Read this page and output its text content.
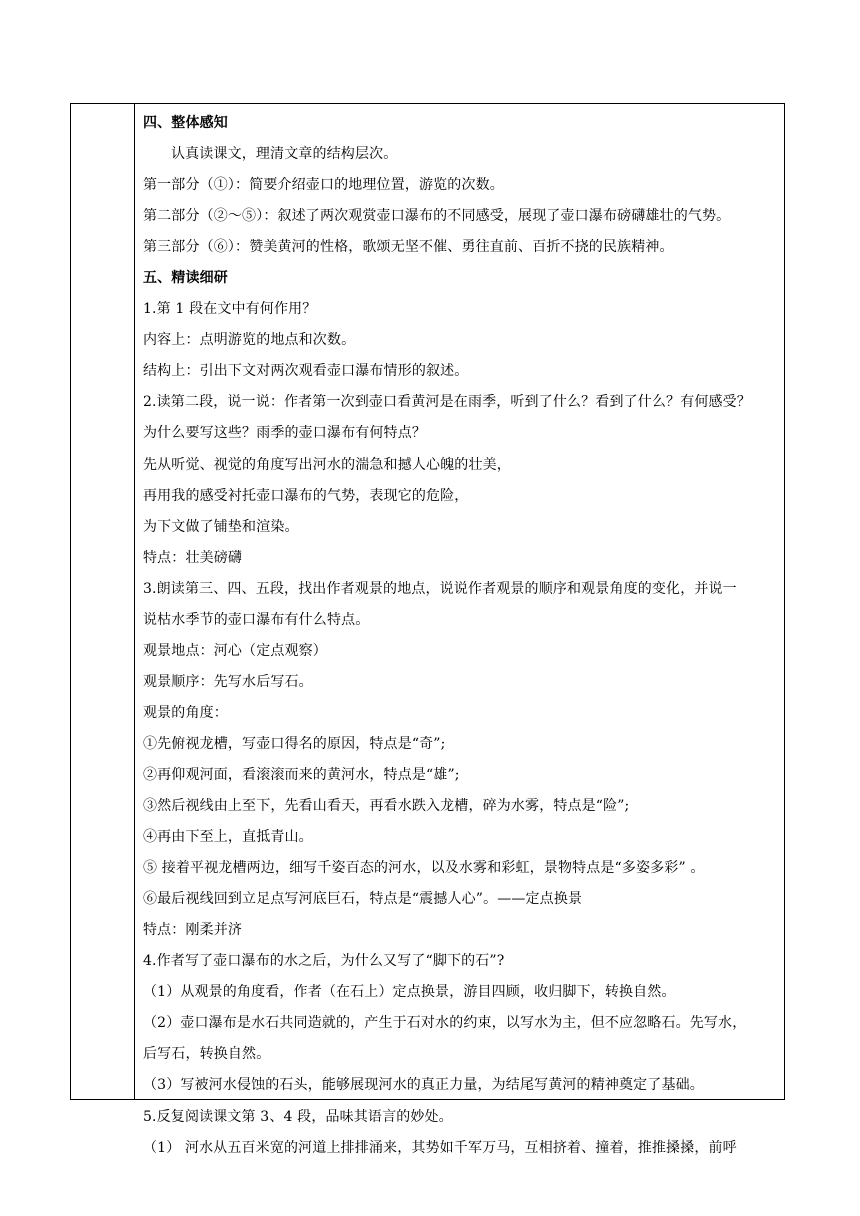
四、整体感知
认真读课文，理清文章的结构层次。
第一部分（①）：简要介绍壶口的地理位置，游览的次数。
第二部分（②～⑤）：叙述了两次观赏壶口瀑布的不同感受，展现了壶口瀑布磅礴雄壮的气势。
第三部分（⑥）：赞美黄河的性格，歌颂无坚不催、勇往直前、百折不挠的民族精神。
五、精读细研
1.第 1 段在文中有何作用？
内容上：点明游览的地点和次数。
结构上：引出下文对两次观看壶口瀑布情形的叙述。
2.读第二段，说一说：作者第一次到壶口看黄河是在雨季，听到了什么？看到了什么？有何感受？
为什么要写这些？雨季的壶口瀑布有何特点？
先从听觉、视觉的角度写出河水的湍急和撼人心魄的壮美，
再用我的感受衬托壶口瀑布的气势，表现它的危险，
为下文做了铺垫和渲染。
特点：壮美磅礴
3.朗读第三、四、五段，找出作者观景的地点，说说作者观景的顺序和观景角度的变化，并说一
说枯水季节的壶口瀑布有什么特点。
观景地点：河心（定点观察）
观景顺序：先写水后写石。
观景的角度：
①先俯视龙槽，写壶口得名的原因，特点是“奇”;
②再仰观河面，看滚滚而来的黄河水，特点是“雄”;
③然后视线由上至下，先看山看天，再看水跌入龙槽，碎为水雾，特点是“险”;
④再由下至上，直抵青山。
⑤ 接着平视龙槽两边，细写千姿百态的河水，以及水雾和彩虹，景物特点是“多姿多彩” 。
⑥最后视线回到立足点写河底巨石，特点是“震撼人心”。——定点换景
特点：刚柔并济
4.作者写了壶口瀑布的水之后，为什么又写了“脚下的石”?
（1）从观景的角度看，作者（在石上）定点换景，游目四顾，收归脚下，转换自然。
（2）壶口瀑布是水石共同造就的，产生于石对水的约束，以写水为主，但不应忽略石。先写水，
后写石，转换自然。
（3）写被河水侵蚀的石头，能够展现河水的真正力量，为结尾写黄河的精神奠定了基础。
5.反复阅读课文第 3、4 段，品味其语言的妙处。
（1） 河水从五百米宽的河道上排排涌来，其势如千军万马，互相挤着、撞着，推推搡搡，前呼
